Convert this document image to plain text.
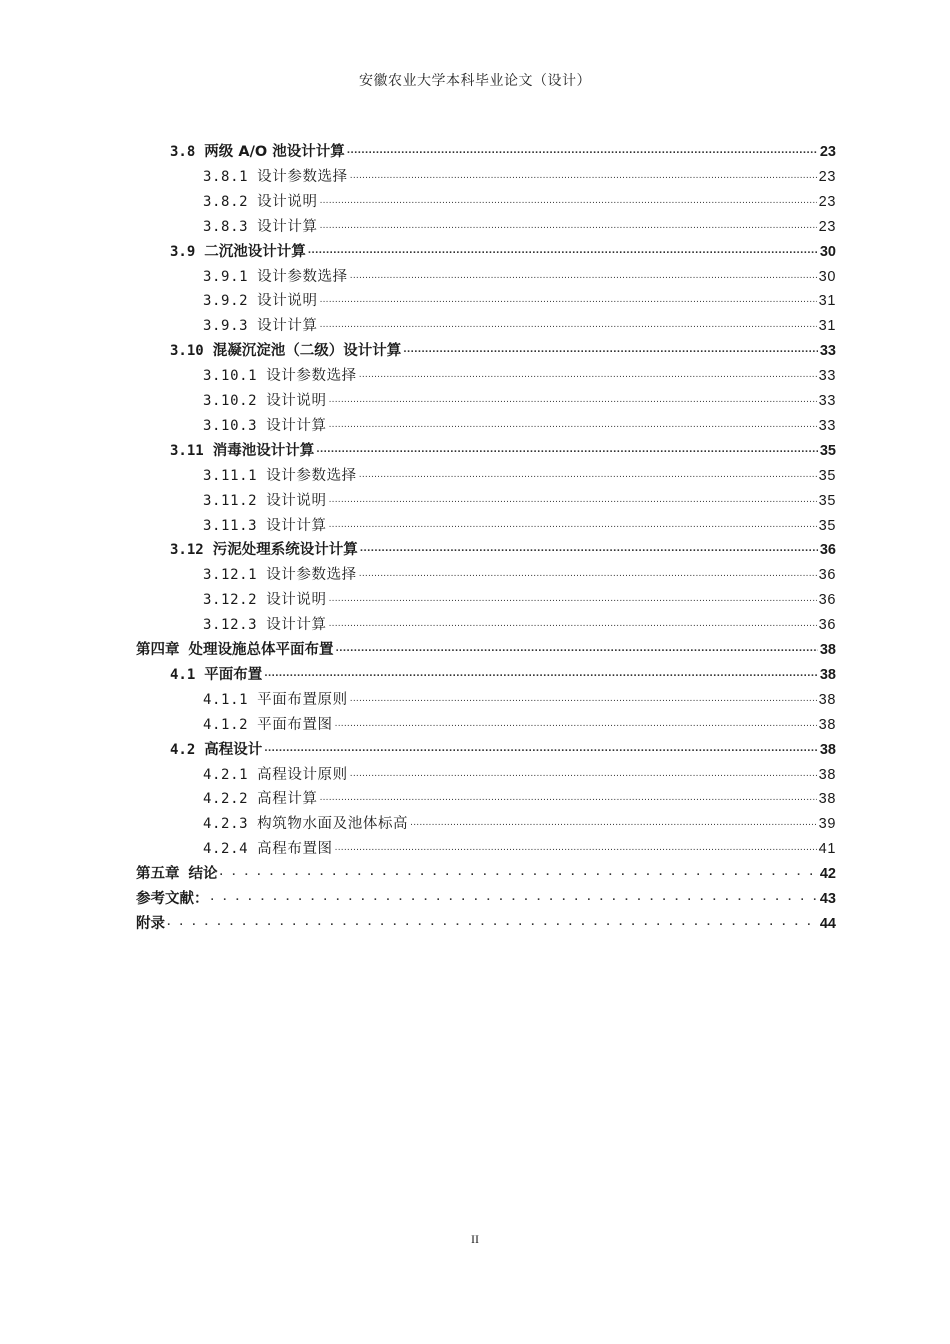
安徽农业大学本科毕业论文（设计）
3.8 两级 A/O 池设计计算 .....	23
3.8.1 设计参数选择 .....	23
3.8.2 设计说明 .....	23
3.8.3 设计计算 .....	23
3.9 二沉池设计计算 .....	30
3.9.1 设计参数选择 .....	30
3.9.2 设计说明 .....	31
3.9.3 设计计算 .....	31
3.10 混凝沉淀池（二级）设计计算 .....	33
3.10.1 设计参数选择 .....	33
3.10.2 设计说明 .....	33
3.10.3 设计计算 .....	33
3.11 消毒池设计计算 .....	35
3.11.1 设计参数选择 .....	35
3.11.2 设计说明 .....	35
3.11.3 设计计算 .....	35
3.12 污泥处理系统设计计算 .....	36
3.12.1 设计参数选择 .....	36
3.12.2 设计说明 .....	36
3.12.3 设计计算 .....	36
第四章 处理设施总体平面布置 .....	38
4.1 平面布置 .....	38
4.1.1 平面布置原则 .....	38
4.1.2 平面布置图 .....	38
4.2 高程设计 .....	38
4.2.1 高程设计原则 .....	38
4.2.2 高程计算 .....	38
4.2.3 构筑物水面及池体标高 .....	39
4.2.4 高程布置图 .....	41
第五章 结论 . . .	42
参考文献： . . .	43
附录 . . .	44
II
